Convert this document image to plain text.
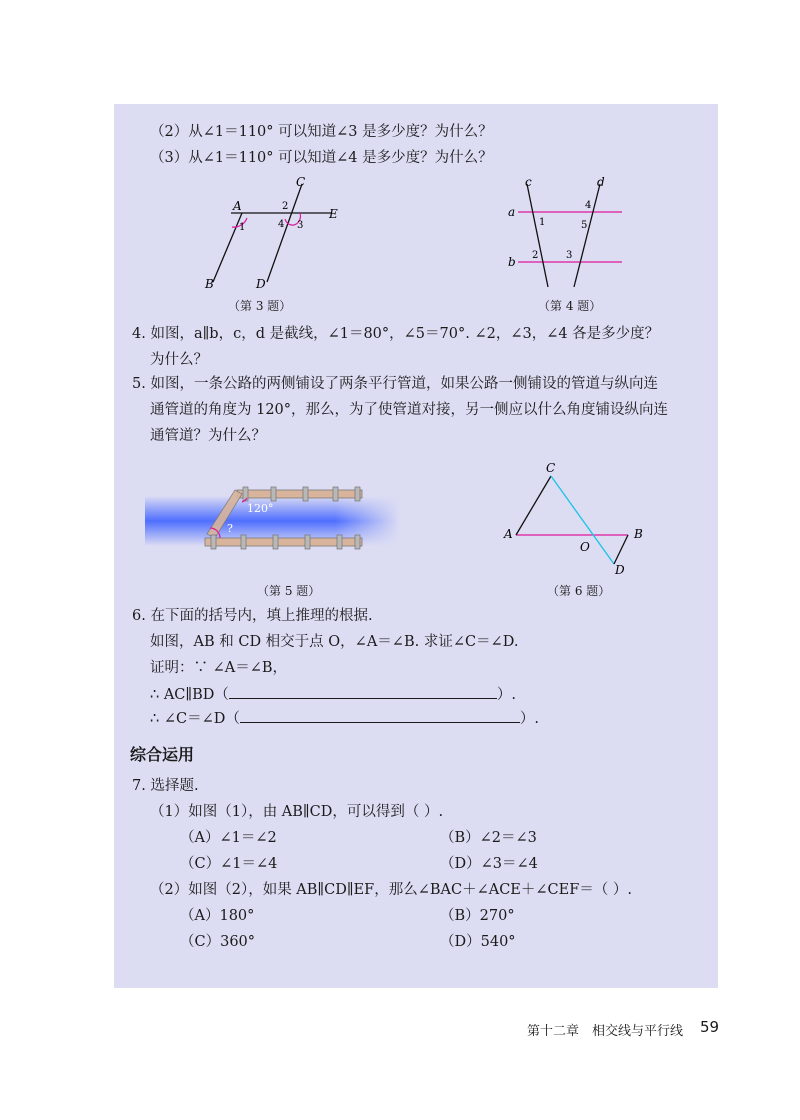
（2）从∠1＝110° 可以知道∠3 是多少度？为什么？
（3）从∠1＝110° 可以知道∠4 是多少度？为什么？
A
B
C
D
E
1
2
3
4
（第 3 题）
c	d
a
b
1
2	3
4
5
（第 4 题）
4. 如图，a∥b，c，d 是截线，∠1＝80°，∠5＝70°. ∠2，∠3，∠4 各是多少度？
为什么？
5. 如图，一条公路的两侧铺设了两条平行管道，如果公路一侧铺设的管道与纵向连
通管道的角度为 120°，那么，为了使管道对接，另一侧应以什么角度铺设纵向连
通管道？为什么？
120°
?
（第 5 题）
C
A	B
D
O
（第 6 题）
6. 在下面的括号内，填上推理的根据.
如图，AB 和 CD 相交于点 O，∠A＝∠B. 求证∠C＝∠D.
证明：∵ ∠A＝∠B，
∴ AC∥BD（	）.
∴ ∠C＝∠D（	）.
综合运用
7. 选择题.
（1）如图（1），由 AB∥CD，可以得到（ ）.
（A）∠1＝∠2	（B）∠2＝∠3
（C）∠1＝∠4	（D）∠3＝∠4
（2）如图（2），如果 AB∥CD∥EF，那么∠BAC＋∠ACE＋∠CEF＝（ ）.
（A）180°	（B）270°
（C）360°	（D）540°
第十二章　相交线与平行线 59
